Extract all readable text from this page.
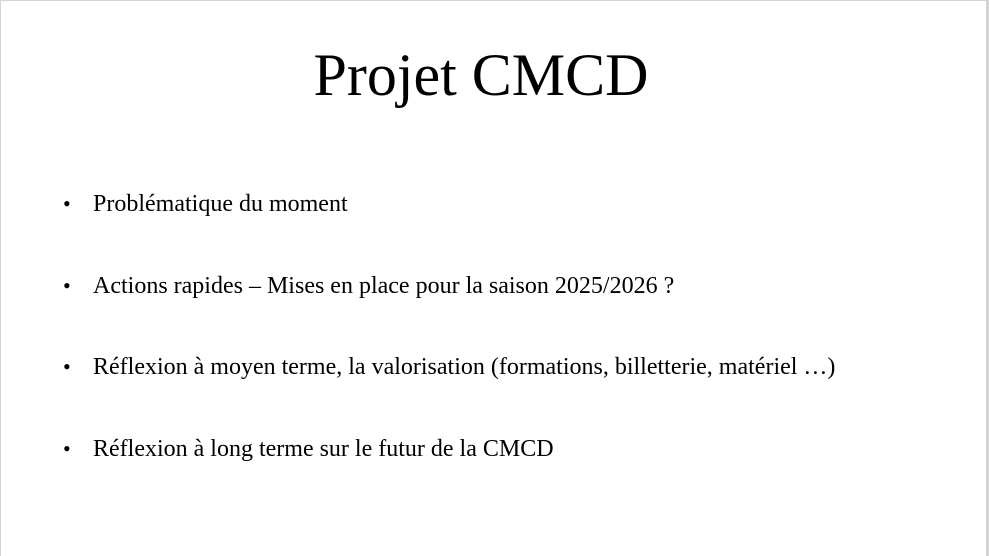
Projet CMCD
• Problématique du moment
• Actions rapides – Mises en place pour la saison 2025/2026 ?
• Réflexion à moyen terme, la valorisation (formations, billetterie, matériel …)
• Réflexion à long terme sur le futur de la CMCD
